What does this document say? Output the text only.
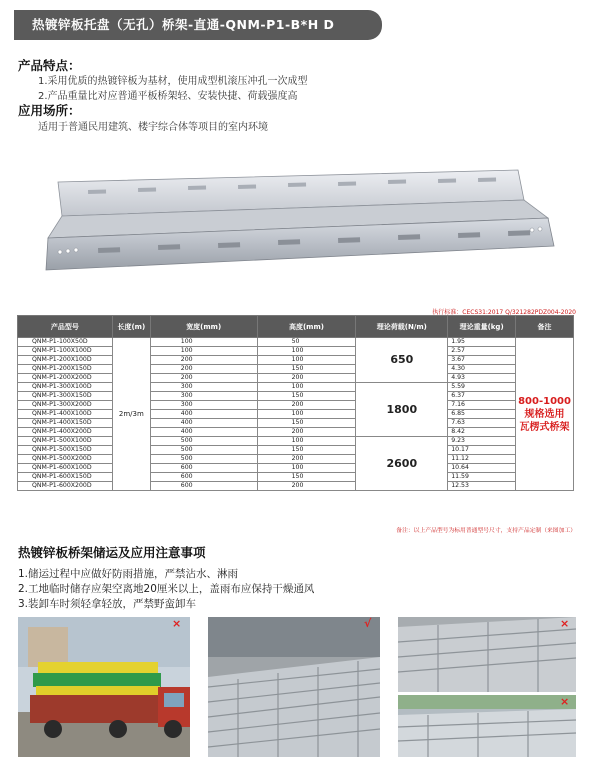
热镀锌板托盘（无孔）桥架-直通-QNM-P1-B*H D
产品特点：
1.采用优质的热镀锌板为基材，使用成型机滚压冲孔一次成型
2.产品重量比对应普通平板桥架轻、安装快捷、荷载强度高
应用场所：
适用于普通民用建筑、楼宇综合体等项目的室内环境
执行标准：CECS31:2017 Q/321282PDZ004-2020
产品型号	长度(m)	宽度(mm)	高度(mm)	理论荷载(N/m)	理论重量(kg)	备注
QNM-P1-100X50D	2m/3m	100	50	650	1.95	800-1000
规格选用
瓦楞式桥架

QNM-P1-100X100D		100	100		2.57	
QNM-P1-200X100D		200	100		3.67	
QNM-P1-200X150D		200	150		4.30	
QNM-P1-200X200D		200	200		4.93	
QNM-P1-300X100D		300	100	1800	5.59	
QNM-P1-300X150D		300	150		6.37	
QNM-P1-300X200D		300	200		7.16	
QNM-P1-400X100D		400	100		6.85	
QNM-P1-400X150D		400	150		7.63	
QNM-P1-400X200D		400	200		8.42	
QNM-P1-500X100D		500	100	2600	9.23	
QNM-P1-500X150D		500	150		10.17	
QNM-P1-500X200D		500	200		11.12	
QNM-P1-600X100D		600	100		10.64	
QNM-P1-600X150D		600	150		11.59	
QNM-P1-600X200D		600	200		12.53	
备注：以上产品型号为标用普通型号尺寸，支持产品定制（来图加工）
热镀锌板桥架储运及应用注意事项
1.储运过程中应做好防雨措施，严禁沾水、淋雨
2.工地临时储存应架空离地20厘米以上，盖雨布应保持干燥通风
3.装卸车时须轻拿轻放，严禁野蛮卸车
×	√	×
×
